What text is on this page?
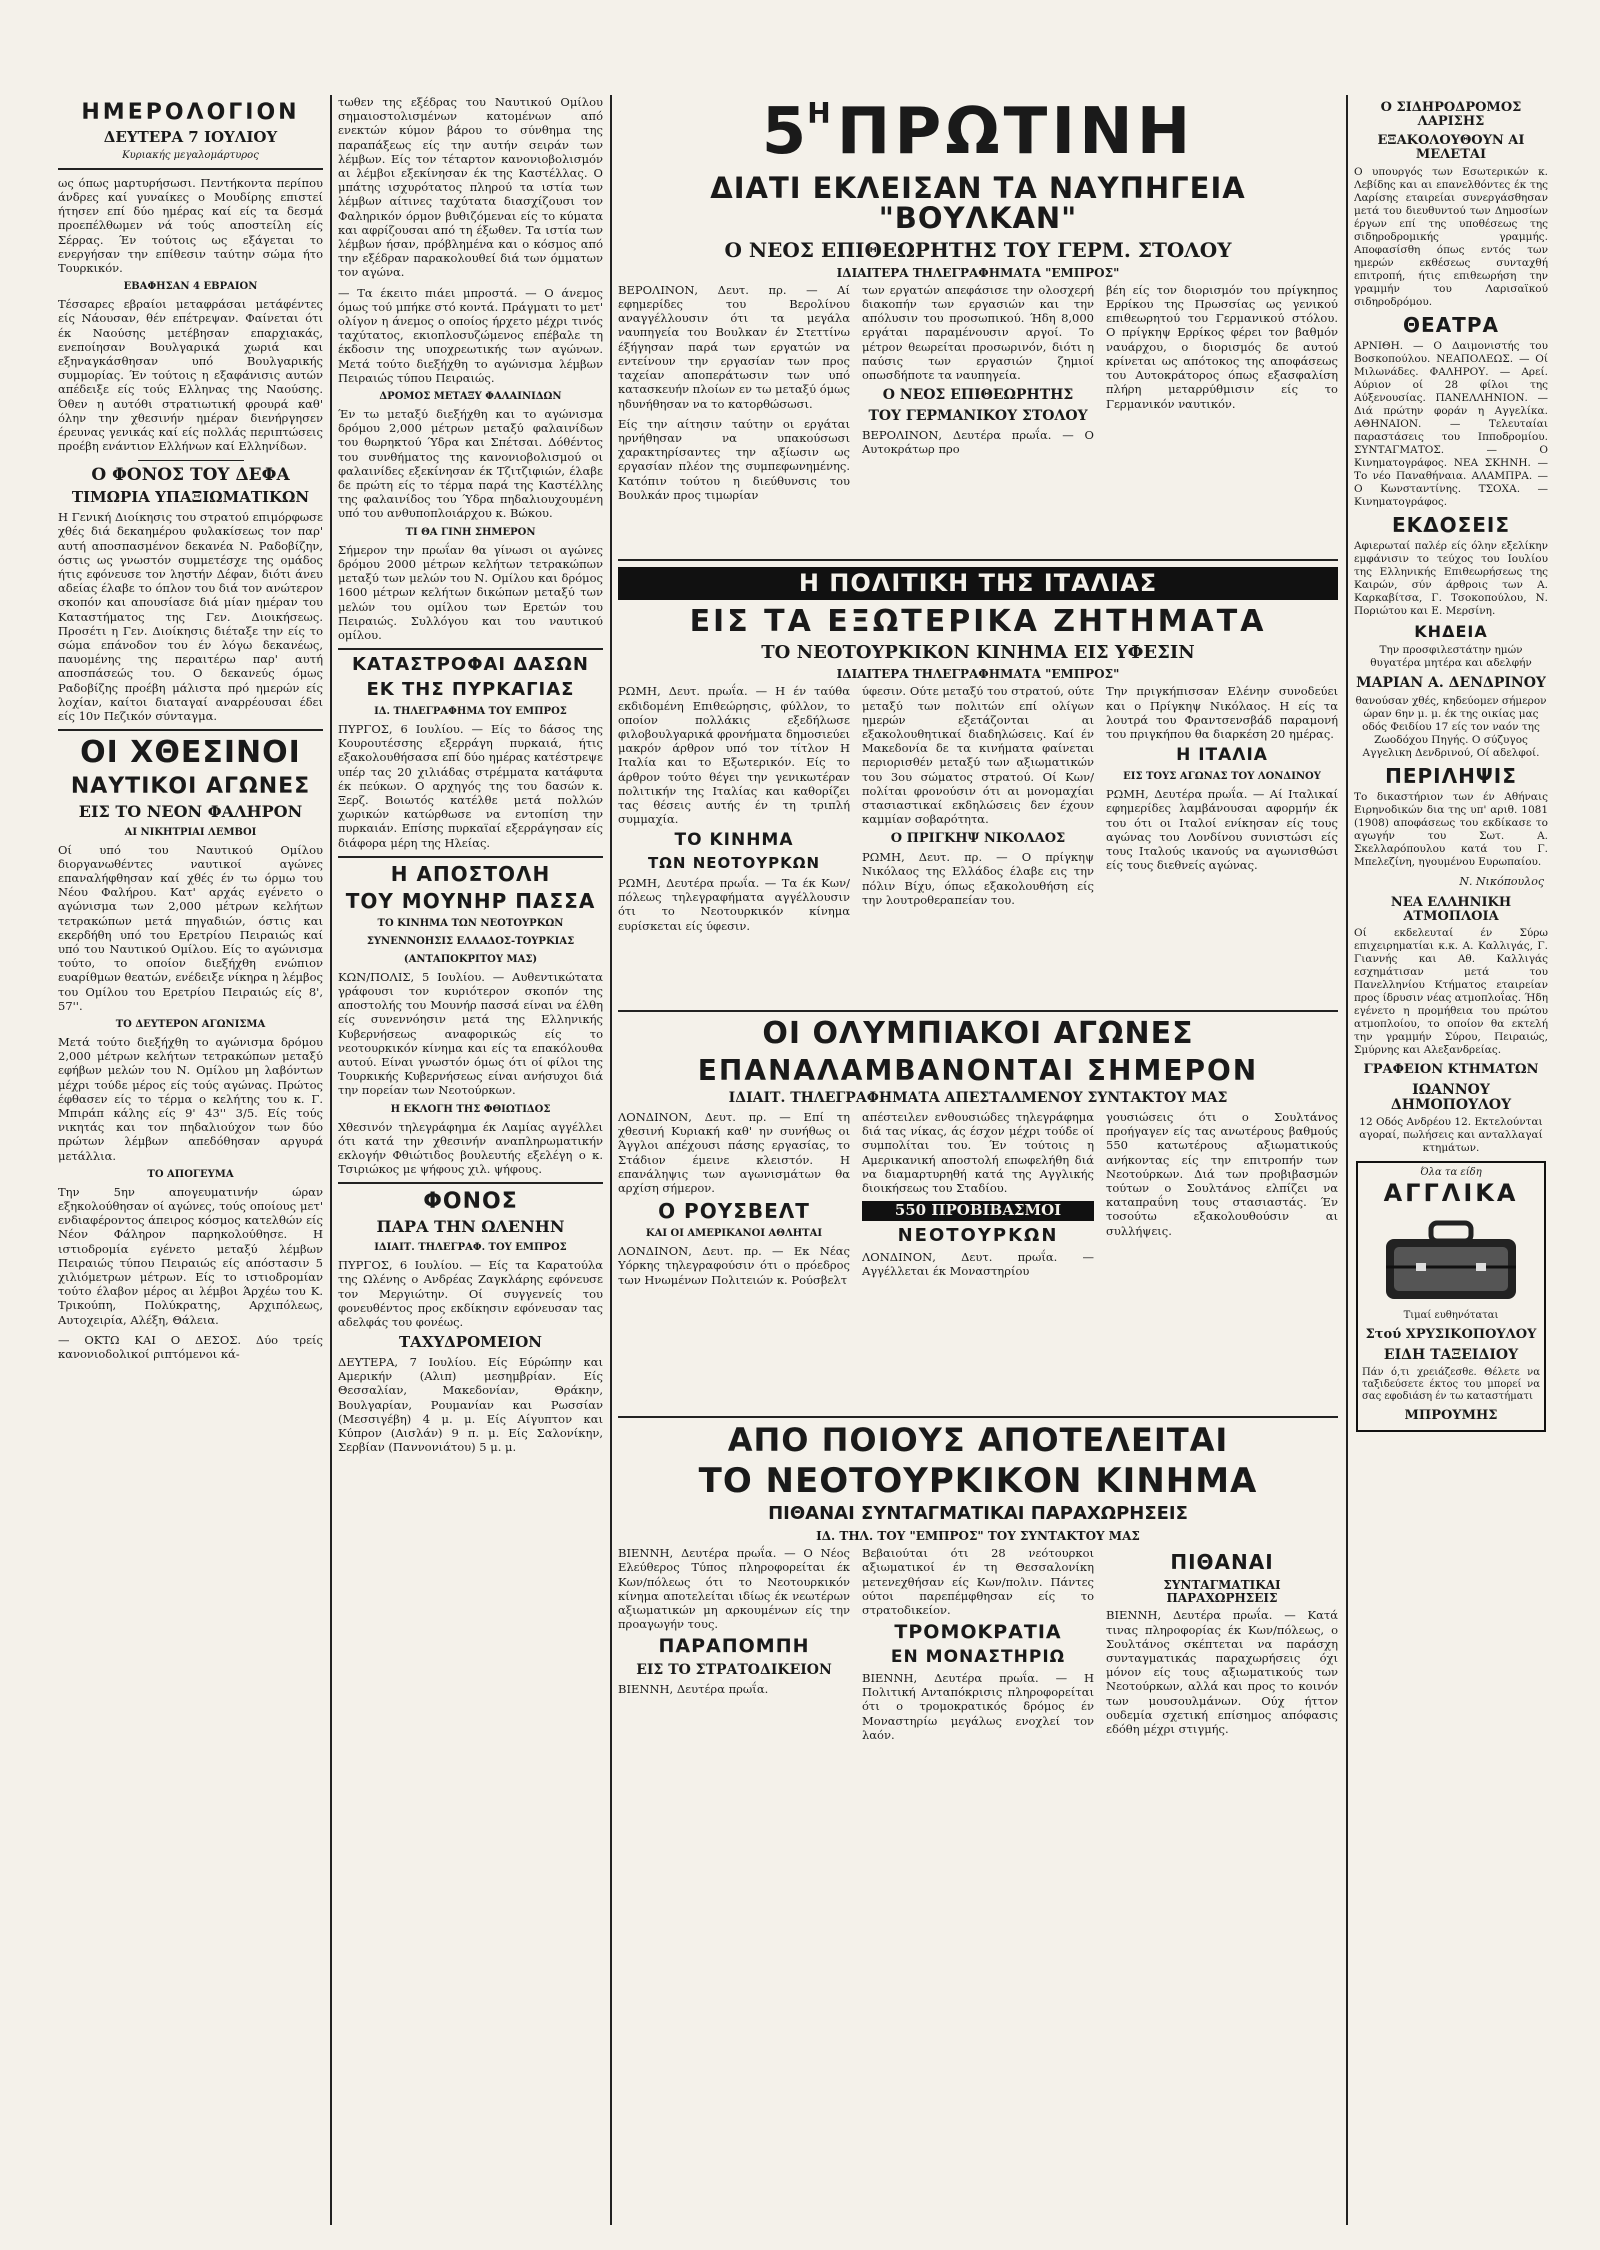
ΗΜΕΡΟΛΟΓΙΟΝ
ΔΕΥΤΕΡΑ 7 ΙΟΥΛΙΟΥ
Κυριακής μεγαλομάρτυρος

ως όπως μαρτυρήσωσι. Πεντήκοντα περίπου άνδρες καί γυναίκες ο Μουδίρης επιστεί ήτησεν επί δύο ημέρας καί είς τα δεσμά προεπέλθωμεν νά τούς αποστείλη είς Σέρρας. Έν τούτοις ως εξάγεται το ενεργήσαν την επίθεσιν ταύτην σώμα ήτο Τουρκικόν.

ΕΒΑΦΗΣΑΝ 4 ΕΒΡΑΙΟΝ

Τέσσαρες εβραίοι μεταφράσαι μετάφέντες είς Νάουσαν, θέν επέτρεψαν. Φαίνεται ότι έκ Ναούσης μετέβησαν επαρχιακάς, ενεποίησαν Βουλγαρικά χωριά και εξηναγκάσθησαν υπό Βουλγαρικής συμμορίας. Έν τούτοις η εξαφάνισις αυτών απέδειξε είς τούς Ελληνας της Ναούσης. Όθεν η αυτόθι στρατιωτική φρουρά καθ' όλην την χθεσινήν ημέραν διενήργησεν έρευνας γενικάς καί είς πολλάς περιπτώσεις προέβη ενάντιον Ελλήνων καί Ελληνίδων.

Ο ΦΟΝΟΣ ΤΟΥ ΔΕΦΑ
ΤΙΜΩΡΙΑ ΥΠΑΞΙΩΜΑΤΙΚΩΝ

Η Γενική Διοίκησις του στρατού επιμόρφωσε χθές διά δεκαημέρου φυλακίσεως τον παρ' αυτή αποσπασμένον δεκανέα Ν. Ραδοβίζην, όστις ως γνωστόν συμμετέσχε της ομάδος ήτις εφόνευσε τον ληστήν Δέφαν, διότι άνευ αδείας έλαβε το όπλον του διά τον ανώτερον σκοπόν και απουσίασε διά μίαν ημέραν του Καταστήματος της Γεν. Διοικήσεως. Προσέτι η Γεν. Διοίκησις διέταξε την είς το σώμα επάνοδον του έν λόγω δεκανέως, παυομένης της περαιτέρω παρ' αυτή αποσπάσεώς του. Ο δεκανεύς όμως Ραδοβίζης προέβη μάλιστα πρό ημερών είς λοχίαν, καίτοι διαταγαί αναρρέουσαι έδει είς 10ν Πεζικόν σύνταγμα.

ΟΙ ΧΘΕΣΙΝΟΙ
ΝΑΥΤΙΚΟΙ ΑΓΩΝΕΣ
ΕΙΣ ΤΟ ΝΕΟΝ ΦΑΛΗΡΟΝ
ΑΙ ΝΙΚΗΤΡΙΑΙ ΛΕΜΒΟΙ

Οί υπό του Ναυτικού Ομίλου διοργανωθέντες ναυτικοί αγώνες επαναλήφθησαν καί χθές έν τω όρμω του Νέου Φαλήρου. Κατ' αρχάς εγένετο ο αγώνισμα των 2,000 μέτρων κελήτων τετρακώπων μετά πηγαδιών, όστις και εκερδήθη υπό του Ερετρίου Πειραιώς καί υπό του Ναυτικού Ομίλου. Είς το αγώνισμα τούτο, το οποίον διεξήχθη ενώπιον ευαρίθμων θεατών, ενέδειξε νίκηρα η λέμβος του Ομίλου του Ερετρίου Πειραιώς είς 8', 57''.

ΤΟ ΔΕΥΤΕΡΟΝ ΑΓΩΝΙΣΜΑ

Μετά τούτο διεξήχθη το αγώνισμα δρόμου 2,000 μέτρων κελήτων τετρακώπων μεταξύ εφήβων μελών του Ν. Ομίλου μη λαβόντων μέχρι τούδε μέρος είς τούς αγώνας. Πρώτος έφθασεν είς το τέρμα ο κελήτης του κ. Γ. Μπιράπ κάλης είς 9' 43'' 3/5. Είς τούς νικητάς και τον πηδαλιούχον των δύο πρώτων λέμβων απεδόθησαν αργυρά μετάλλια.

ΤΟ ΑΠΟΓΕΥΜΑ

Την 5ην απογευματινήν ώραν εξηκολούθησαν οί αγώνες, τούς οποίους μετ' ενδιαφέροντος άπειρος κόσμος κατελθών είς Νέον Φάληρον παρηκολούθησε. Η ιστιοδρομία εγένετο μεταξύ λέμβων Πειραιώς τύπου Πειραιώς είς απόστασιν 5 χιλιόμετρων μέτρων. Είς το ιστιοδρομίαν τούτο έλαβον μέρος αι λέμβοι Άρχέω του Κ. Τρικούπη, Πολύκρατης, Αρχιπόλεως, Αυτοχειρία, Αλέξη, Θάλεια.

— ΟΚΤΩ ΚΑΙ Ο ΔΕΣΟΣ. Δύο τρείς κανονιοδολικοί ριπτόμενοι κά-

τωθεν της εξέδρας του Ναυτικού Ομίλου σημαιοστολισμένων κατομένων από ενεκτών κύμον βάρου το σύνθημα της παραπάξεως είς την αυτήν σειράν των λέμβων. Είς τον τέταρτον κανονιοβολισμόν αι λέμβοι εξεκίνησαν έκ της Καστέλλας. Ο μπάτης ισχυρότατος πληρού τα ιστία των λέμβων αίτινες ταχύτατα διασχίζουσι τον Φαληρικόν όρμον βυθιζόμεναι είς το κύματα και αφρίζουσαι από τη έξωθεν. Τα ιστία των λέμβων ήσαν, πρόβλημένα και ο κόσμος από την εξέδραν παρακολουθεί διά των όμματων τον αγώνα.

— Τα έκειτο πιάει μπροστά. — Ο άνεμος όμως τού μπήκε στό κοντά. Πράγματι το μετ' ολίγον η άνεμος ο οποίος ήρχετο μέχρι τινός ταχύτατος, εκιοπλοσυζώμενος επέβαλε τη έκδοσιν της υποχρεωτικής των αγώνων. Μετά τούτο διεξήχθη το αγώνισμα λέμβων Πειραιώς τύπου Πειραιώς.

ΔΡΟΜΟΣ ΜΕΤΑΞΥ ΦΑΛΑΙΝΙΔΩΝ

Έν τω μεταξύ διεξήχθη και το αγώνισμα δρόμου 2,000 μέτρων μεταξύ φαλαινίδων του θωρηκτού Ύδρα και Σπέτσαι. Δόθέντος του συνθήματος της κανονιοβολισμού οι φαλαινίδες εξεκίνησαν έκ Τζιτζιφιών, έλαβε δε πρώτη είς το τέρμα παρά της Καστέλλης της φαλαινίδος του Ύδρα πηδαλιουχουμένη υπό του ανθυποπλοιάρχου κ. Βώκου.

ΤΙ ΘΑ ΓΙΝΗ ΣΗΜΕΡΟΝ

Σήμερον την πρωΐαν θα γίνωσι οι αγώνες δρόμου 2000 μέτρων κελήτων τετρακώπων μεταξύ των μελών του Ν. Ομίλου και δρόμος 1600 μέτρων κελήτων δικώπων μεταξύ των μελών του ομίλου των Ερετών του Πειραιώς. Συλλόγου και του ναυτικού ομίλου.

ΚΑΤΑΣΤΡΟΦΑΙ ΔΑΣΩΝ
ΕΚ ΤΗΣ ΠΥΡΚΑΓΙΑΣ
ΙΔ. ΤΗΛΕΓΡΑΦΗΜΑ ΤΟΥ ΕΜΠΡΟΣ

ΠΥΡΓΟΣ, 6 Ιουλίου. — Είς το δάσος της Κουρουτέσσης εξερράγη πυρκαιά, ήτις εξακολουθήσασα επί δύο ημέρας κατέστρεψε υπέρ τας 20 χιλιάδας στρέμματα κατάφυτα έκ πεύκων. Ο αρχηγός της του δασών κ. Ξερζ. Βοιωτός κατέλθε μετά πολλών χωρικών κατώρθωσε να εντοπίση την πυρκαιάν. Επίσης πυρκαϊαί εξερράγησαν είς διάφορα μέρη της Ηλείας.

Η ΑΠΟΣΤΟΛΗ
ΤΟΥ ΜΟΥΝΗΡ ΠΑΣΣΑ
ΤΟ ΚΙΝΗΜΑ ΤΩΝ ΝΕΟΤΟΥΡΚΩΝ
ΣΥΝΕΝΝΟΗΣΙΣ ΕΛΛΑΔΟΣ-ΤΟΥΡΚΙΑΣ
(ΑΝΤΑΠΟΚΡΙΤΟΥ ΜΑΣ)

ΚΩΝ/ΠΟΛΙΣ, 5 Ιουλίου. — Αυθεντικώτατα γράφουσι τον κυριότερον σκοπόν της αποστολής του Μουνήρ πασσά είναι να έλθη είς συνεννόησιν μετά της Ελληνικής Κυβερνήσεως αναφορικώς είς το νεοτουρκικόν κίνημα και είς τα επακόλουθα αυτού. Είναι γνωστόν όμως ότι οί φίλοι της Τουρκικής Κυβερνήσεως είναι ανήσυχοι διά την πορείαν των Νεοτούρκων.

Η ΕΚΛΟΓΗ ΤΗΣ ΦΘΙΩΤΙΔΟΣ

Χθεσινόν τηλεγράφημα έκ Λαμίας αγγέλλει ότι κατά την χθεσινήν αναπληρωματικήν εκλογήν Φθιώτιδος βουλευτής εξελέγη ο κ. Τσιριώκος με ψήφους χιλ. ψήφους.

ΦΟΝΟΣ
ΠΑΡΑ ΤΗΝ ΩΛΕΝΗΝ
ΙΔΙΑΙΤ. ΤΗΛΕΓΡΑΦ. ΤΟΥ ΕΜΠΡΟΣ

ΠΥΡΓΟΣ, 6 Ιουλίου. — Είς τα Καρατούλα της Ωλένης ο Ανδρέας Ζαγκλάρης εφόνευσε τον Μεργιώτην. Οί συγγενείς του φονευθέντος προς εκδίκησιν εφόνευσαν τας αδελφάς του φονέως.

ΤΑΧΥΔΡΟΜΕΙΟΝ

ΔΕΥΤΕΡΑ, 7 Ιουλίου. Είς Εύρώπην και Αμερικήν (Αλιπ) μεσημβρίαν. Είς Θεσσαλίαν, Μακεδονίαν, Θράκην, Βουλγαρίαν, Ρουμανίαν και Ρωσσίαν (Μεσσιγέβη) 4 μ. μ. Είς Αίγυπτον και Κύπρον (Αισλάν) 9 π. μ. Είς Σαλονίκην, Σερβίαν (Παννονιάτου) 5 μ. μ.

5Η ΠΡΩΤΙΝΗ
ΔΙΑΤΙ ΕΚΛΕΙΣΑΝ ΤΑ ΝΑΥΠΗΓΕΙΑ "ΒΟΥΛΚΑΝ"
Ο ΝΕΟΣ ΕΠΙΘΕΩΡΗΤΗΣ ΤΟΥ ΓΕΡΜ. ΣΤΟΛΟΥ
ΙΔΙΑΙΤΕΡΑ ΤΗΛΕΓΡΑΦΗΜΑΤΑ "ΕΜΠΡΟΣ"

ΒΕΡΟΛΙΝΟΝ, Δευτ. πρ. — Αί εφημερίδες του Βερολίνου αναγγέλλουσιν ότι τα μεγάλα ναυπηγεία του Βουλκαν έν Στεττίνω έξήγησαν παρά των εργατών να εντείνουν την εργασίαν των προς ταχείαν αποπεράτωσιν των υπό κατασκευήν πλοίων εν τω μεταξύ όμως ηδυνήθησαν να το κατορθώσωσι.

Είς την αίτησιν ταύτην οι εργάται ηρνήθησαν να υπακούσωσι χαρακτηρίσαντες την αξίωσιν ως εργασίαν πλέον της συμπεφωνημένης. Κατόπιν τούτου η διεύθυνσις του Βουλκάν προς τιμωρίαν

των εργατών απεφάσισε την ολοσχερή διακοπήν των εργασιών και την απόλυσιν του προσωπικού. Ήδη 8,000 εργάται παραμένουσιν αργοί. Το μέτρον θεωρείται προσωρινόν, διότι η παύσις των εργασιών ζημιοί οπωσδήποτε τα ναυπηγεία.

Ο ΝΕΟΣ ΕΠΙΘΕΩΡΗΤΗΣ
ΤΟΥ ΓΕΡΜΑΝΙΚΟΥ ΣΤΟΛΟΥ

ΒΕΡΟΛΙΝΟΝ, Δευτέρα πρωΐα. — Ο Αυτοκράτωρ προ

βέη είς τον διορισμόν του πρίγκηπος Ερρίκου της Πρωσσίας ως γενικού επιθεωρητού του Γερμανικού στόλου. Ο πρίγκηψ Ερρίκος φέρει τον βαθμόν ναυάρχου, ο διορισμός δε αυτού κρίνεται ως απότοκος της αποφάσεως του Αυτοκράτορος όπως εξασφαλίση πλήρη μεταρρύθμισιν είς το Γερμανικόν ναυτικόν.

Η ΠΟΛΙΤΙΚΗ ΤΗΣ ΙΤΑΛΙΑΣ
ΕΙΣ ΤΑ ΕΞΩΤΕΡΙΚΑ ΖΗΤΗΜΑΤΑ
ΤΟ ΝΕΟΤΟΥΡΚΙΚΟΝ ΚΙΝΗΜΑ ΕΙΣ ΥΦΕΣΙΝ
ΙΔΙΑΙΤΕΡΑ ΤΗΛΕΓΡΑΦΗΜΑΤΑ "ΕΜΠΡΟΣ"

ΡΩΜΗ, Δευτ. πρωΐα. — Η έν ταύθα εκδιδομένη Επιθεώρησις, φύλλον, το οποίον πολλάκις εξεδήλωσε φιλοβουλγαρικά φρονήματα δημοσιεύει μακρόν άρθρον υπό τον τίτλον Η Ιταλία και το Εξωτερικόν. Είς το άρθρον τούτο θέγει την γενικωτέραν πολιτικήν της Ιταλίας και καθορίζει τας θέσεις αυτής έν τη τριπλή συμμαχία.

ΤΟ ΚΙΝΗΜΑ
ΤΩΝ ΝΕΟΤΟΥΡΚΩΝ

ΡΩΜΗ, Δευτέρα πρωΐα. — Τα έκ Κων/πόλεως τηλεγραφήματα αγγέλλουσιν ότι το Νεοτουρκικόν κίνημα ευρίσκεται είς ύφεσιν.

ύφεσιν. Ούτε μεταξύ του στρατού, ούτε μεταξύ των πολιτών επί ολίγων ημερών εξετάζονται αι εξακολουθητικαί διαδηλώσεις. Καί έν Μακεδονία δε τα κινήματα φαίνεται περιορισθέν μεταξύ των αξιωματικών του 3ου σώματος στρατού. Οί Κων/πολίται φρονούσιν ότι αι μονομαχίαι στασιαστικαί εκδηλώσεις δεν έχουν καμμίαν σοβαρότητα.

Ο ΠΡΙΓΚΗΨ ΝΙΚΟΛΑΟΣ

ΡΩΜΗ, Δευτ. πρ. — Ο πρίγκηψ Νικόλαος της Ελλάδος έλαβε εις την πόλιν Βίχυ, όπως εξακολουθήση είς την λουτροθεραπείαν του.

Την πριγκήπισσαν Ελένην συνοδεύει και ο Πρίγκηψ Νικόλαος. Η είς τα λουτρά του Φραντσενσβάδ παραμονή του πριγκήπου θα διαρκέση 20 ημέρας.

Η ΙΤΑΛΙΑ
ΕΙΣ ΤΟΥΣ ΑΓΩΝΑΣ ΤΟΥ ΛΟΝΔΙΝΟΥ

ΡΩΜΗ, Δευτέρα πρωΐα. — Αί Ιταλικαί εφημερίδες λαμβάνουσαι αφορμήν έκ του ότι οι Ιταλοί ενίκησαν είς τους αγώνας του Λονδίνου συνιστώσι είς τους Ιταλούς ικανούς να αγωνισθώσι είς τους διεθνείς αγώνας.

ΟΙ ΟΛΥΜΠΙΑΚΟΙ ΑΓΩΝΕΣ
ΕΠΑΝΑΛΑΜΒΑΝΟΝΤΑΙ ΣΗΜΕΡΟΝ
ΙΔΙΑΙΤ. ΤΗΛΕΓΡΑΦΗΜΑΤΑ ΑΠΕΣΤΑΛΜΕΝΟΥ ΣΥΝΤΑΚΤΟΥ ΜΑΣ

ΛΟΝΔΙΝΟΝ, Δευτ. πρ. — Επί τη χθεσινή Κυριακή καθ' ην συνήθως οι Άγγλοι απέχουσι πάσης εργασίας, το Στάδιον έμεινε κλειστόν. Η επανάληψις των αγωνισμάτων θα αρχίση σήμερον.

Ο ΡΟΥΣΒΕΛΤ
ΚΑΙ ΟΙ ΑΜΕΡΙΚΑΝΟΙ ΑΘΛΗΤΑΙ

ΛΟΝΔΙΝΟΝ, Δευτ. πρ. — Εκ Νέας Υόρκης τηλεγραφούσιν ότι ο πρόεδρος των Ηνωμένων Πολιτειών κ. Ρούσβελτ

απέστειλεν ενθουσιώδες τηλεγράφημα διά τας νίκας, άς έσχον μέχρι τούδε οί συμπολίται του. Έν τούτοις η Αμερικανική αποστολή επωφελήθη διά να διαμαρτυρηθή κατά της Αγγλικής διοικήσεως του Σταδίου.

550 ΠΡΟΒΙΒΑΣΜΟΙ
ΝΕΟΤΟΥΡΚΩΝ

ΛΟΝΔΙΝΟΝ, Δευτ. πρωΐα. — Αγγέλλεται έκ Μοναστηρίου

γουσιώσεις ότι ο Σουλτάνος προήγαγεν είς τας ανωτέρους βαθμούς 550 κατωτέρους αξιωματικούς ανήκοντας είς την επιτροπήν των Νεοτούρκων. Διά των προβιβασμών τούτων ο Σουλτάνος ελπίζει να καταπραΰνη τους στασιαστάς. Έν τοσούτω εξακολουθούσιν αι συλλήψεις.

ΑΠΟ ΠΟΙΟΥΣ ΑΠΟΤΕΛΕΙΤΑΙ
ΤΟ ΝΕΟΤΟΥΡΚΙΚΟΝ ΚΙΝΗΜΑ
ΠΙΘΑΝΑΙ ΣΥΝΤΑΓΜΑΤΙΚΑΙ ΠΑΡΑΧΩΡΗΣΕΙΣ
ΙΔ. ΤΗΛ. ΤΟΥ "ΕΜΠΡΟΣ" ΤΟΥ ΣΥΝΤΑΚΤΟΥ ΜΑΣ

ΒΙΕΝΝΗ, Δευτέρα πρωΐα. — Ο Νέος Ελεύθερος Τύπος πληροφορείται έκ Κων/πόλεως ότι το Νεοτουρκικόν κίνημα αποτελείται ιδίως έκ νεωτέρων αξιωματικών μη αρκουμένων είς την προαγωγήν τους.

ΠΑΡΑΠΟΜΠΗ
ΕΙΣ ΤΟ ΣΤΡΑΤΟΔΙΚΕΙΟΝ

ΒΙΕΝΝΗ, Δευτέρα πρωΐα.

Βεβαιούται ότι 28 νεότουρκοι αξιωματικοί έν τη Θεσσαλονίκη μετενεχθήσαν είς Κων/πολιν. Πάντες ούτοι παρεπέμφθησαν είς το στρατοδικείον.

ΤΡΟΜΟΚΡΑΤΙΑ
ΕΝ ΜΟΝΑΣΤΗΡΙΩ

ΒΙΕΝΝΗ, Δευτέρα πρωΐα. — Η Πολιτική Ανταπόκρισις πληροφορείται ότι ο τρομοκρατικός δρόμος έν Μοναστηρίω μεγάλως ενοχλεί τον λαόν.

ΠΙΘΑΝΑΙ
ΣΥΝΤΑΓΜΑΤΙΚΑΙ ΠΑΡΑΧΩΡΗΣΕΙΣ

ΒΙΕΝΝΗ, Δευτέρα πρωΐα. — Κατά τινας πληροφορίας έκ Κων/πόλεως, ο Σουλτάνος σκέπτεται να παράσχη συνταγματικάς παραχωρήσεις όχι μόνον είς τους αξιωματικούς των Νεοτούρκων, αλλά και προς το κοινόν των μουσουλμάνων. Ούχ ήττον ουδεμία σχετική επίσημος απόφασις εδόθη μέχρι στιγμής.

Ο ΣΙΔΗΡΟΔΡΟΜΟΣ ΛΑΡΙΣΗΣ
ΕΞΑΚΟΛΟΥΘΟΥΝ ΑΙ ΜΕΛΕΤΑΙ

Ο υπουργός των Εσωτερικών κ. Λεβίδης και αι επανελθόντες έκ της Λαρίσης εταιρείαι συνεργάσθησαν μετά του διευθυντού των Δημοσίων έργων επί της υποθέσεως της σιδηροδρομικής γραμμής. Αποφασίσθη όπως εντός των ημερών εκθέσεως συνταχθή επιτροπή, ήτις επιθεωρήση την γραμμήν του Λαρισαϊκού σιδηροδρόμου.

ΘΕΑΤΡΑ

ΑΡΝΙΘΗ. — Ο Δαιμονιστής του Βοσκοπούλου. ΝΕΑΠΟΛΕΩΣ. — Οί Μιλωνάδες. ΦΑΛΗΡΟΥ. — Αρεί. Αύριον οί 28 φίλοι της Αύξενουσίας. ΠΑΝΕΛΛΗΝΙΟΝ. — Διά πρώτην φοράν η Αγγελίκα. ΑΘΗΝΑΙΟΝ. — Τελευταίαι παραστάσεις του Ιπποδρομίου. ΣΥΝΤΑΓΜΑΤΟΣ. — Ο Κινηματογράφος. ΝΕΑ ΣΚΗΝΗ. — Το νέο Παναθήναια. ΑΛΑΜΠΡΑ. — Ο Κωνσταντίνης. ΤΣΟΧΑ. — Κινηματογράφος.

ΕΚΔΟΣΕΙΣ

Αφιερωταί παλέρ είς όλην εξελίκην εμφάνισιν το τεύχος του Ιουλίου της Ελληνικής Επιθεωρήσεως της Καιρών, σύν άρθροις των Α. Καρκαβίτσα, Γ. Τσοκοπούλου, Ν. Ποριώτου και Ε. Μερσίνη.

ΚΗΔΕΙΑ

Την προσφιλεστάτην ημών θυγατέρα μητέρα και αδελφήν

ΜΑΡΙΑΝ Α. ΔΕΝΔΡΙΝΟΥ

θανούσαν χθές, κηδεύομεν σήμερον ώραν 6ην μ. μ. έκ της οικίας μας οδός Φειδίου 17 είς τον ναόν της Ζωοδόχου Πηγής. Ο σύζυγος Αγγελικη Δενδρινού, Οί αδελφοί.

ΠΕΡΙΛΗΨΙΣ

Το δικαστήριον των έν Αθήναις Ειρηνοδικών δια της υπ' αριθ. 1081 (1908) αποφάσεως του εκδίκασε το αγωγήν του Σωτ. Α. Σκελλαρόπουλου κατά του Γ. Μπελεζίνη, ηγουμένου Ευρωπαίου.

Ν. Νικόπουλος
ΝΕΑ ΕΛΛΗΝΙΚΗ ΑΤΜΟΠΛΟΙΑ

Οί εκδελευταί έν Σύρω επιχειρηματίαι κ.κ. Α. Καλλιγάς, Γ. Γιαννής και Αθ. Καλλιγάς εσχημάτισαν μετά του Πανελληνίου Κτήματος εταιρείαν προς ίδρυσιν νέας ατμοπλοΐας. Ήδη εγένετο η προμήθεια του πρώτου ατμοπλοίου, το οποίον θα εκτελή την γραμμήν Σύρου, Πειραιώς, Σμύρνης και Αλεξανδρείας.

ΓΡΑΦΕΙΟΝ ΚΤΗΜΑΤΩΝ
ΙΩΑΝΝΟΥ ΔΗΜΟΠΟΥΛΟΥ

12 Οδός Ανδρέου 12. Εκτελούνται αγοραί, πωλήσεις και ανταλλαγαί κτημάτων.

Όλα τα είδη
ΑΓΓΛΙΚΑ
Τιμαί ευθηνόταται
Στού ΧΡΥΣΙΚΟΠΟΥΛΟΥ
ΕΙΔΗ ΤΑΞΕΙΔΙΟΥ

Πάν ό,τι χρειάζεσθε. Θέλετε να ταξιδεύσετε έκτος του μπορεί να σας εφοδιάση έν τω καταστήματι

ΜΠΡΟΥΜΗΣ
